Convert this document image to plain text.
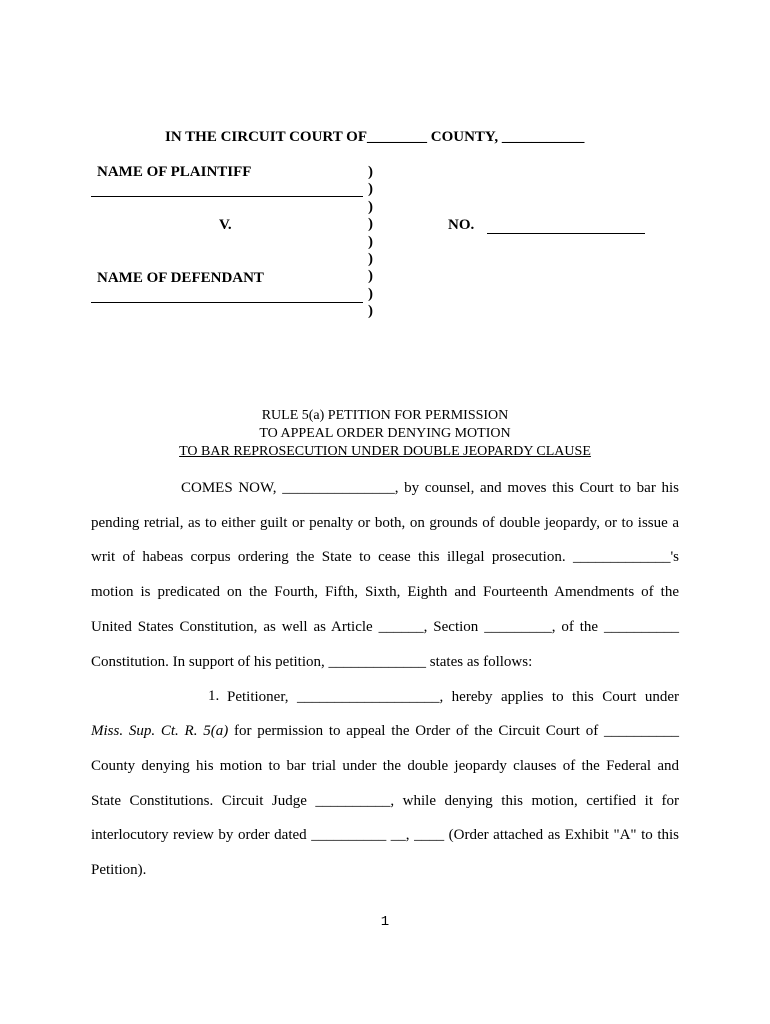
IN THE CIRCUIT COURT OF________ COUNTY, ___________
NAME OF PLAINTIFF
V.	NO.
NAME OF DEFENDANT
)
)
)
)
)
)
)
)
)
RULE 5(a) PETITION FOR PERMISSION
TO APPEAL ORDER DENYING MOTION
TO BAR REPROSECUTION UNDER DOUBLE JEOPARDY CLAUSE
COMES NOW, _______________, by counsel, and moves this Court to bar his
pending retrial, as to either guilt or penalty or both, on grounds of double jeopardy, or to issue a
writ of habeas corpus ordering the State to cease this illegal prosecution. _____________'s
motion is predicated on the Fourth, Fifth, Sixth, Eighth and Fourteenth Amendments of the
United States Constitution, as well as Article ______, Section _________, of the __________
Constitution. In support of his petition, _____________ states as follows:
1. Petitioner, ___________________, hereby applies to this Court under
Miss. Sup. Ct. R. 5(a) for permission to appeal the Order of the Circuit Court of __________
County denying his motion to bar trial under the double jeopardy clauses of the Federal and
State Constitutions. Circuit Judge __________, while denying this motion, certified it for
interlocutory review by order dated __________ __, ____ (Order attached as Exhibit "A" to this
Petition).
1
